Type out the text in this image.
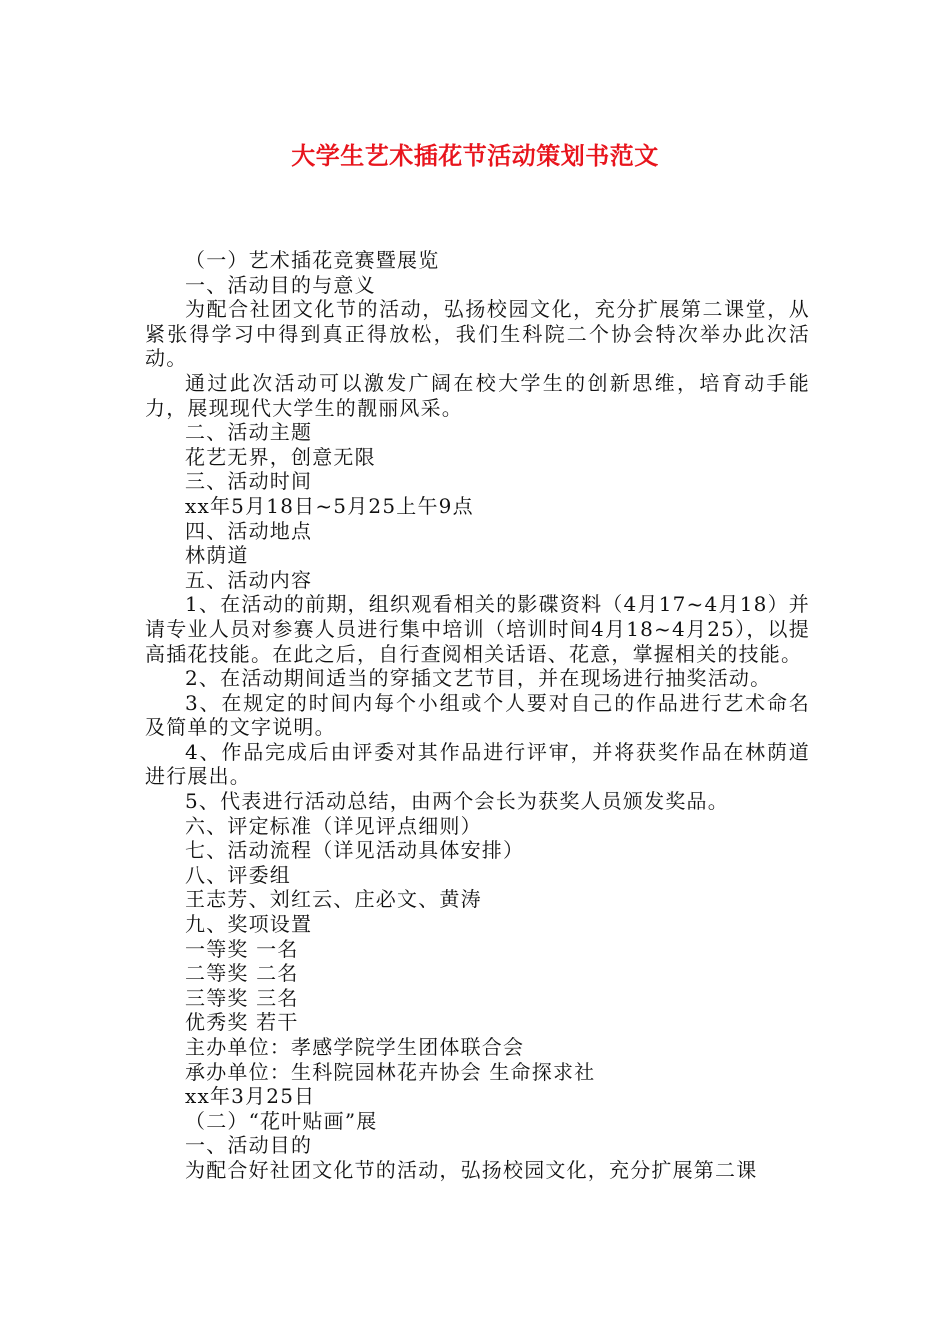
大学生艺术插花节活动策划书范文

（一）艺术插花竞赛暨展览

一、活动目的与意义

为配合社团文化节的活动，弘扬校园文化，充分扩展第二课堂，从紧张得学习中得到真正得放松，我们生科院二个协会特次举办此次活动。

通过此次活动可以激发广阔在校大学生的创新思维，培育动手能力，展现现代大学生的靓丽风采。

二、活动主题

花艺无界，创意无限

三、活动时间

xx年5月18日~5月25上午9点

四、活动地点

林荫道

五、活动内容

1、在活动的前期，组织观看相关的影碟资料（4月17~4月18）并请专业人员对参赛人员进行集中培训（培训时间4月18~4月25），以提高插花技能。在此之后，自行查阅相关话语、花意，掌握相关的技能。

2、在活动期间适当的穿插文艺节目，并在现场进行抽奖活动。

3、在规定的时间内每个小组或个人要对自己的作品进行艺术命名及简单的文字说明。

4、作品完成后由评委对其作品进行评审，并将获奖作品在林荫道进行展出。

5、代表进行活动总结，由两个会长为获奖人员颁发奖品。

六、评定标准（详见评点细则）

七、活动流程（详见活动具体安排）

八、评委组

王志芳、刘红云、庄必文、黄涛

九、奖项设置

一等奖 一名

二等奖 二名

三等奖 三名

优秀奖 若干

主办单位：孝感学院学生团体联合会

承办单位：生科院园林花卉协会 生命探求社

xx年3月25日

（二）“花叶贴画”展

一、活动目的

为配合好社团文化节的活动，弘扬校园文化，充分扩展第二课
